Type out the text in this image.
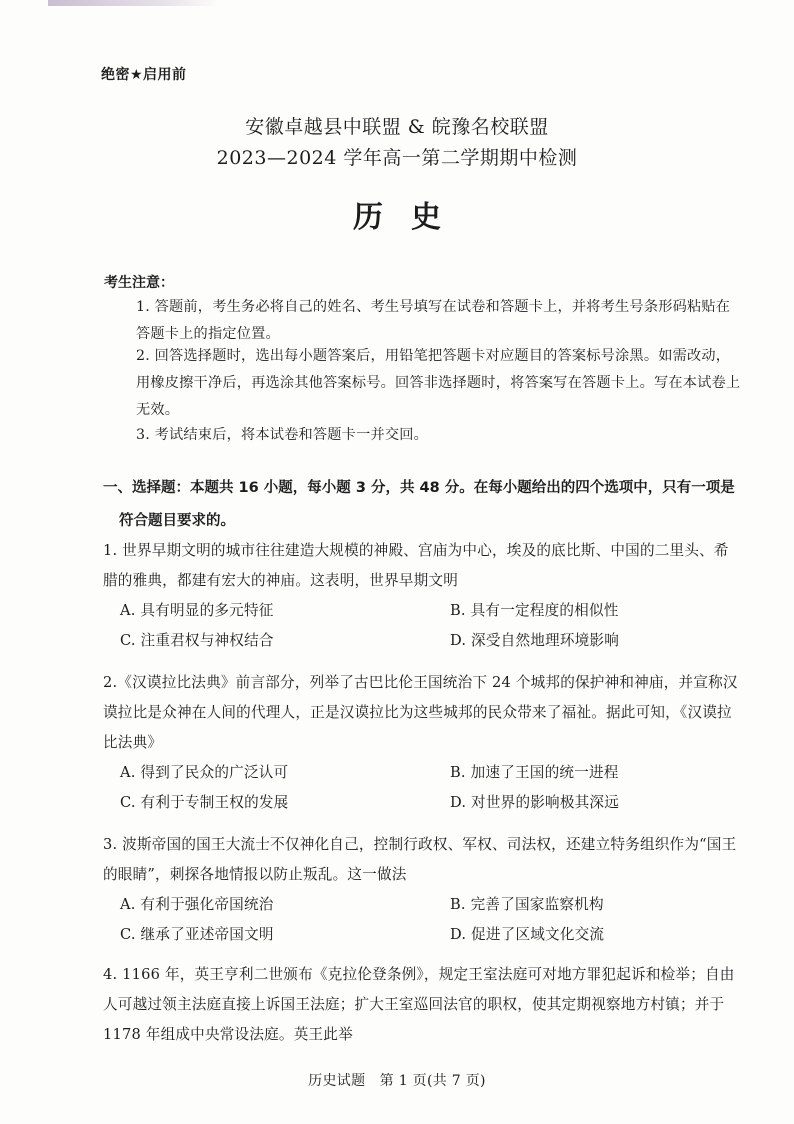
绝密★启用前
安徽卓越县中联盟 & 皖豫名校联盟
2023—2024 学年高一第二学期期中检测
历史
考生注意：
1. 答题前，考生务必将自己的姓名、考生号填写在试卷和答题卡上，并将考生号条形码粘贴在答题卡上的指定位置。
2. 回答选择题时，选出每小题答案后，用铅笔把答题卡对应题目的答案标号涂黑。如需改动，用橡皮擦干净后，再选涂其他答案标号。回答非选择题时，将答案写在答题卡上。写在本试卷上无效。
3. 考试结束后，将本试卷和答题卡一并交回。
一、选择题：本题共 16 小题，每小题 3 分，共 48 分。在每小题给出的四个选项中，只有一项是
符合题目要求的。
1. 世界早期文明的城市往往建造大规模的神殿、宫庙为中心，埃及的底比斯、中国的二里头、希腊的雅典，都建有宏大的神庙。这表明，世界早期文明
A. 具有明显的多元特征	B. 具有一定程度的相似性
C. 注重君权与神权结合	D. 深受自然地理环境影响
2.《汉谟拉比法典》前言部分，列举了古巴比伦王国统治下 24 个城邦的保护神和神庙，并宣称汉谟拉比是众神在人间的代理人，正是汉谟拉比为这些城邦的民众带来了福祉。据此可知，《汉谟拉比法典》
A. 得到了民众的广泛认可	B. 加速了王国的统一进程
C. 有利于专制王权的发展	D. 对世界的影响极其深远
3. 波斯帝国的国王大流士不仅神化自己，控制行政权、军权、司法权，还建立特务组织作为“国王的眼睛”，刺探各地情报以防止叛乱。这一做法
A. 有利于强化帝国统治	B. 完善了国家监察机构
C. 继承了亚述帝国文明	D. 促进了区域文化交流
4. 1166 年，英王亨利二世颁布《克拉伦登条例》，规定王室法庭可对地方罪犯起诉和检举；自由人可越过领主法庭直接上诉国王法庭；扩大王室巡回法官的职权，使其定期视察地方村镇；并于 1178 年组成中央常设法庭。英王此举
历史试题　第 1 页(共 7 页)
